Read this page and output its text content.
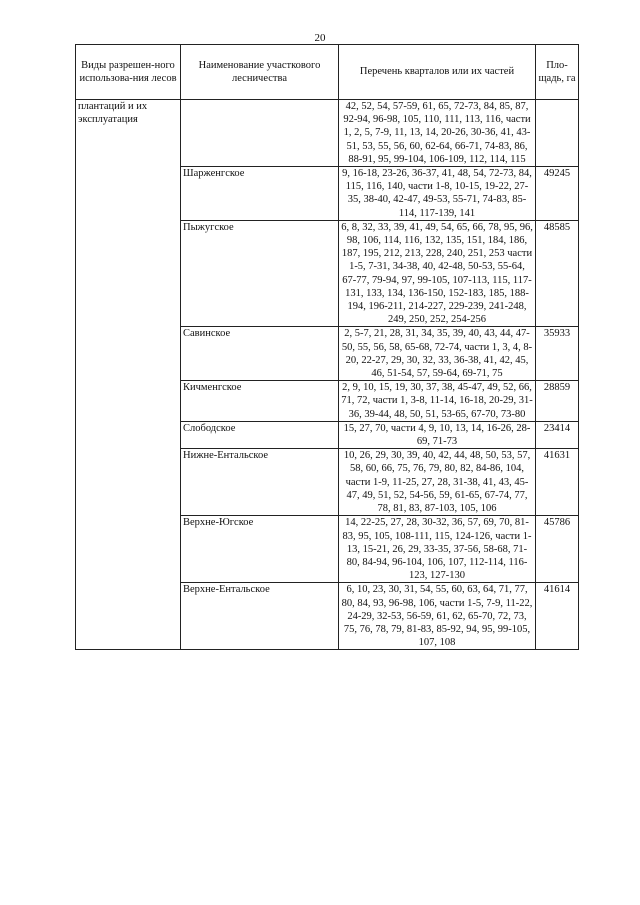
20
Виды разрешен-ного использова-ния лесов	Наименование участкового лесничества	Перечень кварталов или их частей	Пло-щадь, га
плантаций и их эксплуатация		42, 52, 54, 57-59, 61, 65, 72-73, 84, 85, 87, 92-94, 96-98, 105, 110, 111, 113, 116, части 1, 2, 5, 7-9, 11, 13, 14, 20-26, 30-36, 41, 43-51, 53, 55, 56, 60, 62-64, 66-71, 74-83, 86, 88-91, 95, 99-104, 106-109, 112, 114, 115	
	Шарженгское	9, 16-18, 23-26, 36-37, 41, 48, 54, 72-73, 84, 115, 116, 140, части 1-8, 10-15, 19-22, 27-35, 38-40, 42-47, 49-53, 55-71, 74-83, 85-114, 117-139, 141	49245
	Пыжугское	6, 8, 32, 33, 39, 41, 49, 54, 65, 66, 78, 95, 96, 98, 106, 114, 116, 132, 135, 151, 184, 186, 187, 195, 212, 213, 228, 240, 251, 253 части 1-5, 7-31, 34-38, 40, 42-48, 50-53, 55-64, 67-77, 79-94, 97, 99-105, 107-113, 115, 117-131, 133, 134, 136-150, 152-183, 185, 188-194, 196-211, 214-227, 229-239, 241-248, 249, 250, 252, 254-256	48585
	Савинское	2, 5-7, 21, 28, 31, 34, 35, 39, 40, 43, 44, 47-50, 55, 56, 58, 65-68, 72-74, части 1, 3, 4, 8-20, 22-27, 29, 30, 32, 33, 36-38, 41, 42, 45, 46, 51-54, 57, 59-64, 69-71, 75	35933
	Кичменгское	2, 9, 10, 15, 19, 30, 37, 38, 45-47, 49, 52, 66, 71, 72, части 1, 3-8, 11-14, 16-18, 20-29, 31-36, 39-44, 48, 50, 51, 53-65, 67-70, 73-80	28859
	Слободское	15, 27, 70, части 4, 9, 10, 13, 14, 16-26, 28-69, 71-73	23414
	Нижне-Ентальское	10, 26, 29, 30, 39, 40, 42, 44, 48, 50, 53, 57, 58, 60, 66, 75, 76, 79, 80, 82, 84-86, 104, части 1-9, 11-25, 27, 28, 31-38, 41, 43, 45-47, 49, 51, 52, 54-56, 59, 61-65, 67-74, 77, 78, 81, 83, 87-103, 105, 106	41631
	Верхне-Югское	14, 22-25, 27, 28, 30-32, 36, 57, 69, 70, 81-83, 95, 105, 108-111, 115, 124-126, части 1-13, 15-21, 26, 29, 33-35, 37-56, 58-68, 71-80, 84-94, 96-104, 106, 107, 112-114, 116-123, 127-130	45786
	Верхне-Ентальское	6, 10, 23, 30, 31, 54, 55, 60, 63, 64, 71, 77, 80, 84, 93, 96-98, 106, части 1-5, 7-9, 11-22, 24-29, 32-53, 56-59, 61, 62, 65-70, 72, 73, 75, 76, 78, 79, 81-83, 85-92, 94, 95, 99-105, 107, 108	41614
